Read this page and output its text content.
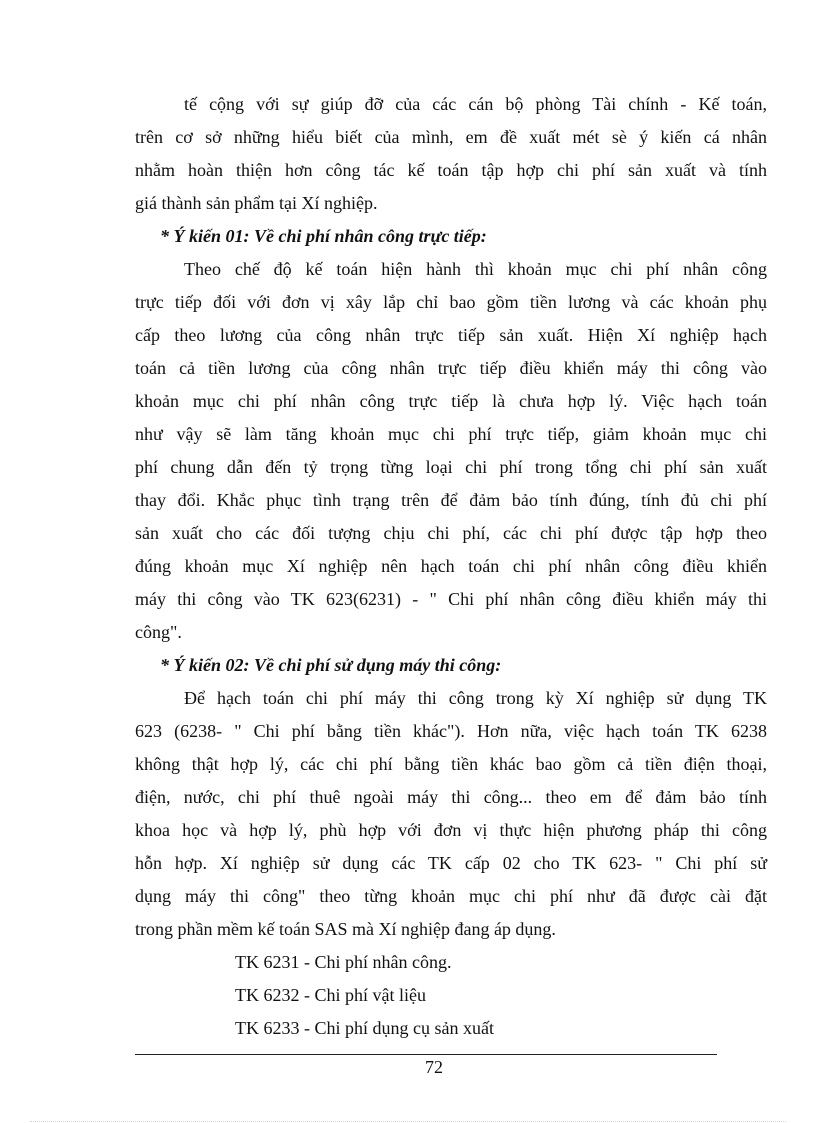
tế cộng với sự giúp đỡ của các cán bộ phòng Tài chính - Kế toán,
trên cơ sở những hiểu biết của mình, em đề xuất mét sè ý kiến cá nhân
nhằm hoàn thiện hơn công tác kế toán tập hợp chi phí sản xuất và tính
giá thành sản phẩm tại Xí nghiệp.
* Ý kiến 01: Về chi phí nhân công trực tiếp:
Theo chế độ kế toán hiện hành thì khoản mục chi phí nhân công
trực tiếp đối với đơn vị xây lắp chỉ bao gồm tiền lương và các khoản phụ
cấp theo lương của công nhân trực tiếp sản xuất. Hiện Xí nghiệp hạch
toán cả tiền lương của công nhân trực tiếp điều khiển máy thi công vào
khoản mục chi phí nhân công trực tiếp là chưa hợp lý. Việc hạch toán
như vậy sẽ làm tăng khoản mục chi phí trực tiếp, giảm khoản mục chi
phí chung dẫn đến tỷ trọng từng loại chi phí trong tổng chi phí sản xuất
thay đổi. Khắc phục tình trạng trên để đảm bảo tính đúng, tính đủ chi phí
sản xuất cho các đối tượng chịu chi phí, các chi phí được tập hợp theo
đúng khoản mục Xí nghiệp nên hạch toán chi phí nhân công điều khiển
máy thi công vào TK 623(6231) - " Chi phí nhân công điều khiển máy thi
công".
* Ý kiến 02: Về chi phí sử dụng máy thi công:
Để hạch toán chi phí máy thi công trong kỳ Xí nghiệp sử dụng TK
623 (6238- " Chi phí bằng tiền khác"). Hơn nữa, việc hạch toán TK 6238
không thật hợp lý, các chi phí bằng tiền khác bao gồm cả tiền điện thoại,
điện, nước, chi phí thuê ngoài máy thi công... theo em để đảm bảo tính
khoa học và hợp lý, phù hợp với đơn vị thực hiện phương pháp thi công
hỗn hợp. Xí nghiệp sử dụng các TK cấp 02 cho TK 623- " Chi phí sử
dụng máy thi công" theo từng khoản mục chi phí như đã được cài đặt
trong phần mềm kế toán SAS mà Xí nghiệp đang áp dụng.
TK 6231 - Chi phí nhân công.
TK 6232 - Chi phí vật liệu
TK 6233 - Chi phí dụng cụ sản xuất
72
